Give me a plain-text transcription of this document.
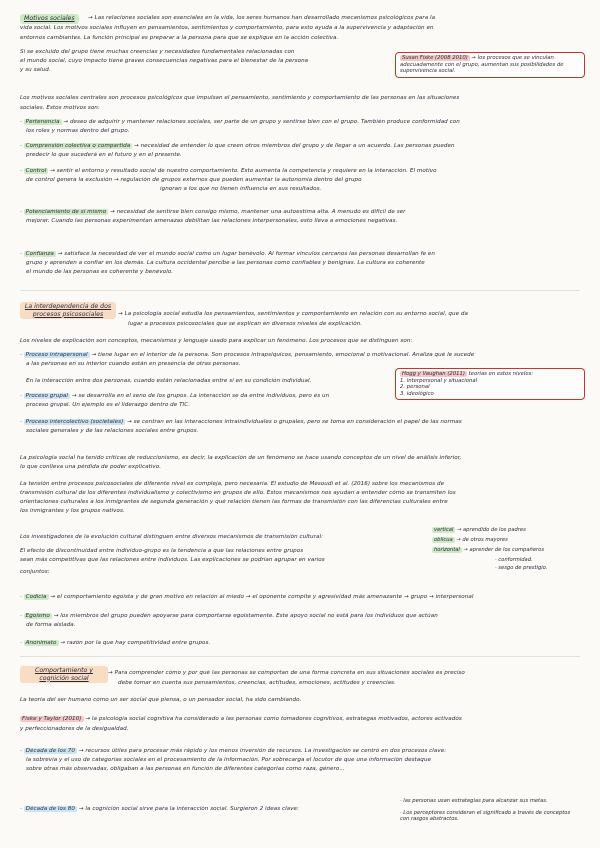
Motivos sociales	→ Las relaciones sociales son esenciales en la vida, los seres humanos han desarrollado mecanismos psicológicos para la
vida social. Los motivos sociales influyen en pensamientos, sentimientos y comportamiento, para esto ayuda a la supervivencia y adaptación en
entornos cambiantes. La función principal es preparar a la persona para que se explique en la acción colectiva.
Si se excluido del grupo tiene muchas creencias y necesidades fundamentales relacionadas con
el mundo social, cuyo impacto tiene graves consecuencias negativas para el bienestar de la persona
y su salud.
Susan Fiske (2008 2010) → los procesos que se vinculan adecuadamente con el grupo, aumentan sus posibilidades de supervivencia social.
Los motivos sociales centrales son procesos psicológicos que impulsan el pensamiento, sentimiento y comportamiento de las personas en las situaciones
sociales. Estos motivos son:
· Pertenencia → deseo de adquirir y mantener relaciones sociales, ser parte de un grupo y sentirse bien con el grupo. También produce conformidad con
los roles y normas dentro del grupo.
· Comprensión colectiva o compartida → necesidad de entender lo que creen otros miembros del grupo y de llegar a un acuerdo. Las personas pueden
predecir lo que sucederá en el futuro y en el presente.
· Control → sentir el entorno y resultado social de nuestro comportamiento. Esto aumenta la competencia y requiere en la interacción. El motivo
de control genera la exclusión → regulación de grupos externos que pueden aumentar la autonomía dentro del grupo
ignoran a los que no tienen influencia en sus resultados.
· Potenciamiento de sí mismo → necesidad de sentirse bien consigo mismo, mantener una autoestima alta. A menudo es difícil de ser
mejorar. Cuando las personas experimentan amenazas debilitan las relaciones interpersonales, esto lleva a emociones negativas.
· Confianza → satisface la necesidad de ver el mundo social como un lugar benévolo. Al formar vínculos cercanos las personas desarrollan fe en
grupo y aprenden a confiar en los demás. La cultura occidental percibe a las personas como confiables y benignas. La cultura es coherente
el mundo de las personas es coherente y benévolo.
La interdependencia de dos procesos psicosociales	→ La psicología social estudia los pensamientos, sentimientos y comportamiento en relación con su entorno social, que da
lugar a procesos psicosociales que se explican en diversos niveles de explicación.
Los niveles de explicación son conceptos, mecanismos y lenguaje usado para explicar un fenómeno. Los procesos que se distinguen son:
· Proceso intrapersonal → tiene lugar en el interior de la persona. Son procesos intrapsíquicos, pensamiento, emocional o motivacional. Analiza qué le sucede
a las personas en su interior cuando están en presencia de otras personas.
En la interacción entre dos personas, cuando están relacionadas entre sí en su condición individual.
Hogg y Vaughan (2011) teorías en estos niveles:
1. interpersonal y situacional
2. personal
3. ideológico
· Proceso grupal → se desarrolla en el seno de los grupos. La interacción se da entre individuos, pero es un
proceso grupal. Un ejemplo es el liderazgo dentro de TIC.
· Proceso intercolectivo (societales) → se centran en las interacciones intraindividuales o grupales, pero se toma en consideración el papel de las normas
sociales generales y de las relaciones sociales entre grupos.
La psicología social ha tenido críticas de reduccionismo, es decir, la explicación de un fenómeno se hace usando conceptos de un nivel de análisis inferior,
lo que conlleva una pérdida de poder explicativo.
La tensión entre procesos psicosociales de diferente nivel es compleja, pero necesaria. El estudio de Mesoudi et al. (2016) sobre los mecanismos de
transmisión cultural de los diferentes individualismo y colectivismo en grupos de ello. Estos mecanismos nos ayudan a entender cómo se transmiten los
orientaciones culturales a los inmigrantes de segunda generación y qué relación tienen las formas de transmisión con las diferencias culturales entre
los inmigrantes y los grupos nativos.
Los investigadores de la evolución cultural distinguen entre diversos mecanismos de transmisión cultural:
vertical → aprendido de los padres
oblicua → de otros mayores
horizontal → aprender de los compañeros
· conformidad.
· sesgo de prestigio.
El efecto de discontinuidad entre individuo-grupo es la tendencia a que las relaciones entre grupos
sean más competitivas que las relaciones entre individuos. Las explicaciones se podrían agrupar en varios
conjuntos:
· Codicia → el comportamiento egoísta y de gran motivo en relación al miedo → el oponente compite y agresividad más amenazante → grupo → interpersonal
· Egoísmo → los miembros del grupo pueden apoyarse para comportarse egoístamente. Este apoyo social no está para los individuos que actúan
de forma aislada.
· Anonimato → razón por la que hay competitividad entre grupos.
Comportamiento y cognición social
→ Para comprender cómo y por qué las personas se comportan de una forma concreta en sus situaciones sociales es preciso
debe tomar en cuenta sus pensamientos, creencias, actitudes, emociones, actitudes y creencias.
La teoría del ser humano como un ser social que piensa, o un pensador social, ha sido cambiando.
Fiske y Taylor (2010) → la psicología social cognitiva ha considerado a las personas como tomadores cognitivos, estrategas motivados, actores activados
y perfeccionadores de la desigualdad.
· Década de los 70 → recursos útiles para procesar más rápido y los menos inversión de recursos. La investigación se centró en dos procesos clave:
la sobrevía y el uso de categorías sociales en el procesamiento de la información. Por sobrecarga el locutor de que una información destaque
sobre otras más observadas, obligaban a las personas en función de diferentes categorías como raza, género...
· Década de los 80 → la cognición social sirve para la interacción social. Surgieron 2 ideas clave:
· las personas usan estrategias para alcanzar sus metas.
· Los perceptores consideran el significado a través de conceptos con rasgos abstractos.
